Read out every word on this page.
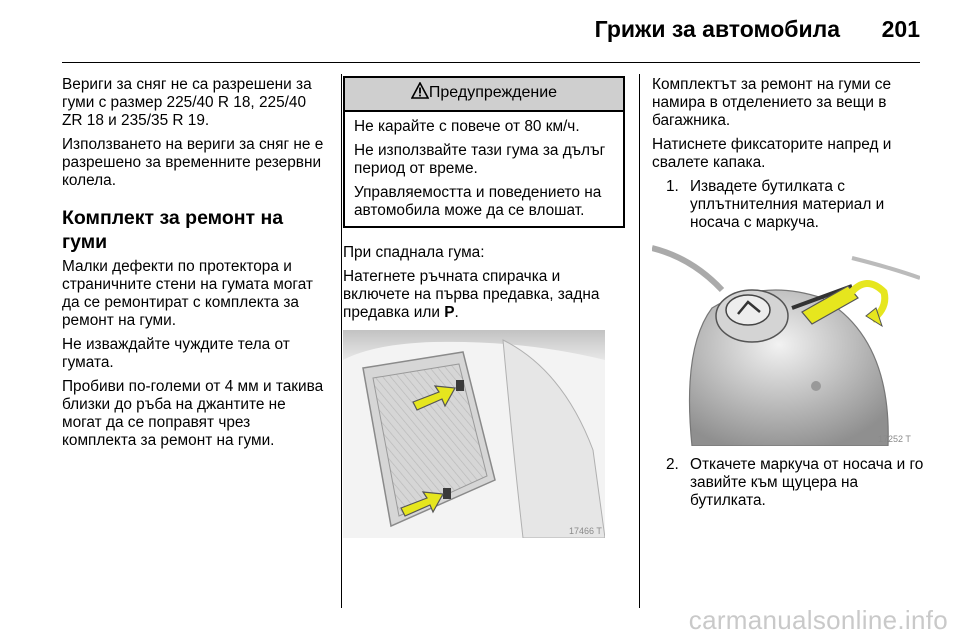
Грижи за автомобила 201

Вериги за сняг не са разрешени за гуми с размер 225/40 R 18, 225/40 ZR 18 и 235/35 R 19.

Използването на вериги за сняг не е разрешено за временните резервни колела.

Комплект за ремонт на гуми

Малки дефекти по протектора и страничните стени на гумата могат да се ремонтират с комплекта за ремонт на гуми.

Не изваждайте чуждите тела от гумата.

Пробиви по-големи от 4 мм и такива близки до ръба на джантите не могат да се поправят чрез комплекта за ремонт на гуми.

Предупреждение

Не карайте с повече от 80 км/ч.

Не използвайте тази гума за дълъг период от време.

Управляемостта и поведението на автомобила може да се влошат.

При спаднала гума:

Натегнете ръчната спирачка и включете на първа предавка, задна предавка или P.

17466 T

Комплектът за ремонт на гуми се намира в отделението за вещи в багажника.

Натиснете фиксаторите напред и свалете капака.

1. Извадете бутилката с уплътнителния материал и носача с маркуча.
17252 T
2. Откачете маркуча от носача и го завийте към щуцера на бутилката.
carmanualsonline.info
